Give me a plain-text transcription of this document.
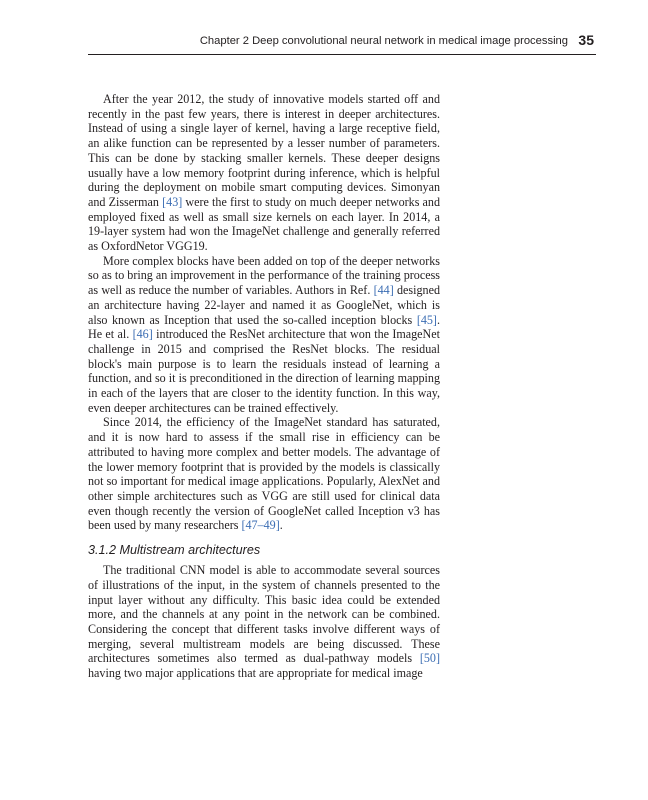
Chapter 2 Deep convolutional neural network in medical image processing 35

After the year 2012, the study of innovative models started off and recently in the past few years, there is interest in deeper architectures. Instead of using a single layer of kernel, having a large receptive field, an alike function can be represented by a lesser number of parameters. This can be done by stacking smaller kernels. These deeper designs usually have a low memory footprint during inference, which is helpful during the deployment on mobile smart computing devices. Simonyan and Zisserman [43] were the first to study on much deeper networks and employed fixed as well as small size kernels on each layer. In 2014, a 19-layer system had won the ImageNet challenge and generally referred as OxfordNetor VGG19.

More complex blocks have been added on top of the deeper networks so as to bring an improvement in the performance of the training process as well as reduce the number of variables. Authors in Ref. [44] designed an architecture having 22-layer and named it as GoogleNet, which is also known as Inception that used the so-called inception blocks [45]. He et al. [46] introduced the ResNet architecture that won the ImageNet challenge in 2015 and comprised the ResNet blocks. The residual block's main purpose is to learn the residuals instead of learning a function, and so it is preconditioned in the direction of learning mapping in each of the layers that are closer to the identity function. In this way, even deeper architectures can be trained effectively.

Since 2014, the efficiency of the ImageNet standard has saturated, and it is now hard to assess if the small rise in efficiency can be attributed to having more complex and better models. The advantage of the lower memory footprint that is provided by the models is classically not so important for medical image applications. Popularly, AlexNet and other simple architectures such as VGG are still used for clinical data even though recently the version of GoogleNet called Inception v3 has been used by many researchers [47–49].

3.1.2 Multistream architectures

The traditional CNN model is able to accommodate several sources of illustrations of the input, in the system of channels presented to the input layer without any difficulty. This basic idea could be extended more, and the channels at any point in the network can be combined. Considering the concept that different tasks involve different ways of merging, several multistream models are being discussed. These architectures sometimes also termed as dual-pathway models [50] having two major applications that are appropriate for medical image
